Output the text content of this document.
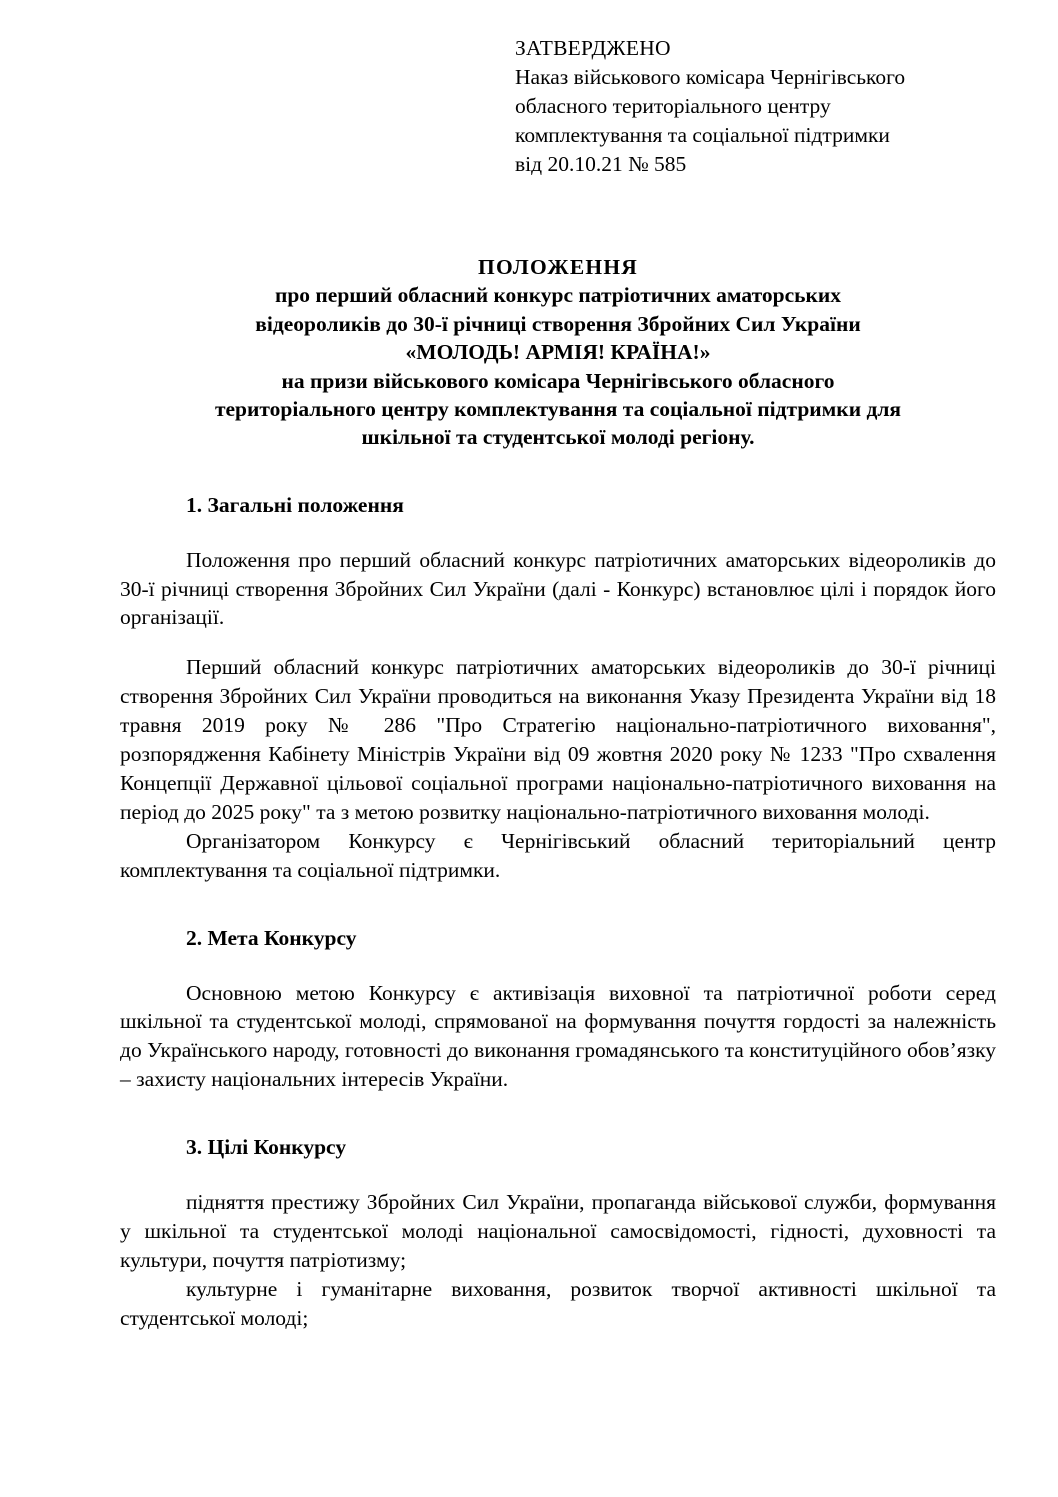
ЗАТВЕРДЖЕНО
Наказ військового комісара Чернігівського
обласного територіального центру
комплектування та соціальної підтримки
від 20.10.21 № 585
ПОЛОЖЕННЯ
про перший обласний конкурс патріотичних аматорських
відеороликів до 30-ї річниці створення Збройних Сил України
«МОЛОДЬ! АРМІЯ! КРАЇНА!»
на призи військового комісара Чернігівського обласного
територіального центру комплектування та соціальної підтримки для
шкільної та студентської молоді регіону.
1. Загальні положення

Положення про перший обласний конкурс патріотичних аматорських відеороликів до 30-ї річниці створення Збройних Сил України (далі - Конкурс) встановлює цілі і порядок його організації.

Перший обласний конкурс патріотичних аматорських відеороликів до 30-ї річниці створення Збройних Сил України проводиться на виконання Указу Президента України від 18 травня 2019 року № 286 "Про Стратегію національно-патріотичного виховання", розпорядження Кабінету Міністрів України від 09 жовтня 2020 року № 1233 "Про схвалення Концепції Державної цільової соціальної програми національно-патріотичного виховання на період до 2025 року" та з метою розвитку національно-патріотичного виховання молоді.

Організатором Конкурсу є Чернігівський обласний територіальний центр комплектування та соціальної підтримки.

2. Мета Конкурсу

Основною метою Конкурсу є активізація виховної та патріотичної роботи серед шкільної та студентської молоді, спрямованої на формування почуття гордості за належність до Українського народу, готовності до виконання громадянського та конституційного обов’язку – захисту національних інтересів України.

3. Цілі Конкурсу

підняття престижу Збройних Сил України, пропаганда військової служби, формування у шкільної та студентської молоді національної самосвідомості, гідності, духовності та культури, почуття патріотизму;

культурне і гуманітарне виховання, розвиток творчої активності шкільної та студентської молоді;
